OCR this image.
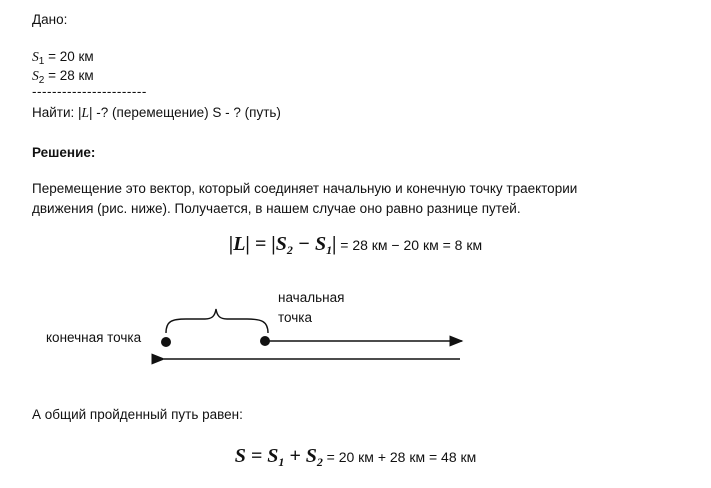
Дано:
$S_1 = 20$ км
$S_2 = 28$ км
-----------------------
Найти: |L| -? (перемещение) S - ? (путь)
Решение:
Перемещение это вектор, который соединяет начальную и конечную точку траектории
движения (рис. ниже). Получается, в нашем случае оно равно разнице путей.
|L| = |S2 − S1| = 28 км − 20 км = 8 км
начальная
точка
конечная точка
А общий пройденный путь равен:
S = S1 + S2 = 20 км + 28 км = 48 км
